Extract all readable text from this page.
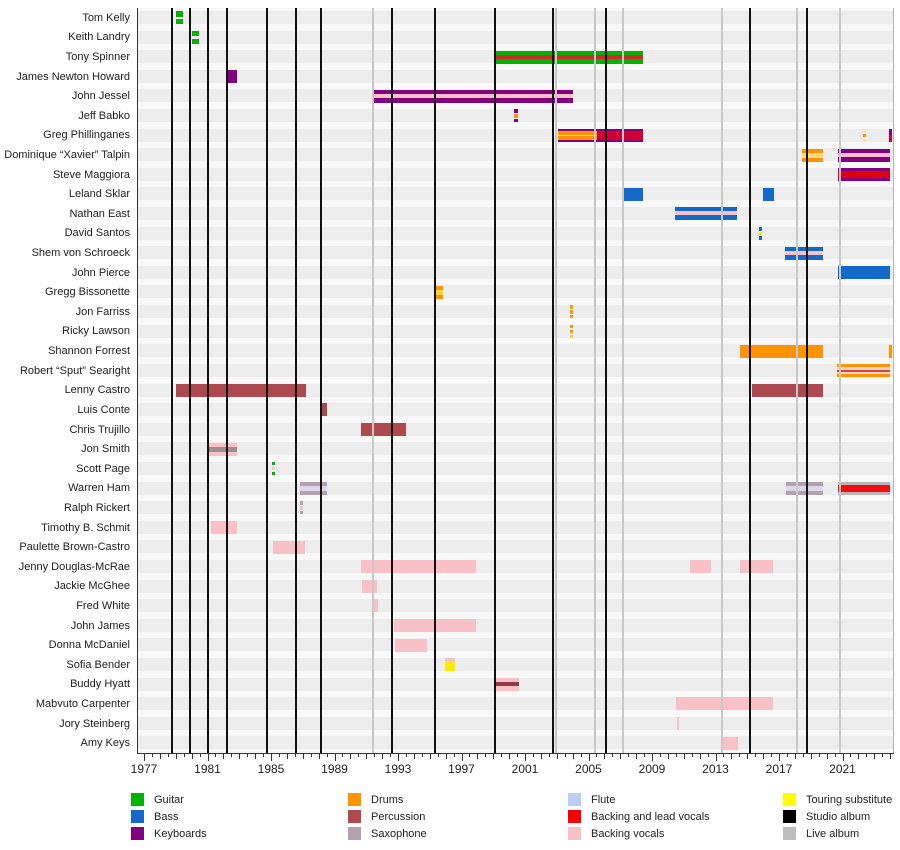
Tom Kelly
Keith Landry
Tony Spinner
James Newton Howard
John Jessel
Jeff Babko
Greg Phillinganes
Dominique “Xavier” Talpin
Steve Maggiora
Leland Sklar
Nathan East
David Santos
Shem von Schroeck
John Pierce
Gregg Bissonette
Jon Farriss
Ricky Lawson
Shannon Forrest
Robert “Sput” Searight
Lenny Castro
Luis Conte
Chris Trujillo
Jon Smith
Scott Page
Warren Ham
Ralph Rickert
Timothy B. Schmit
Paulette Brown-Castro
Jenny Douglas-McRae
Jackie McGhee
Fred White
John James
Donna McDaniel
Sofia Bender
Buddy Hyatt
Mabvuto Carpenter
Jory Steinberg
Amy Keys
1977	1981	1985	1989	1993	1997	2001	2005	2009	2013	2017	2021
Guitar
Bass
Keyboards
Drums
Percussion
Saxophone
Flute
Backing and lead vocals
Backing vocals
Touring substitute
Studio album
Live album
